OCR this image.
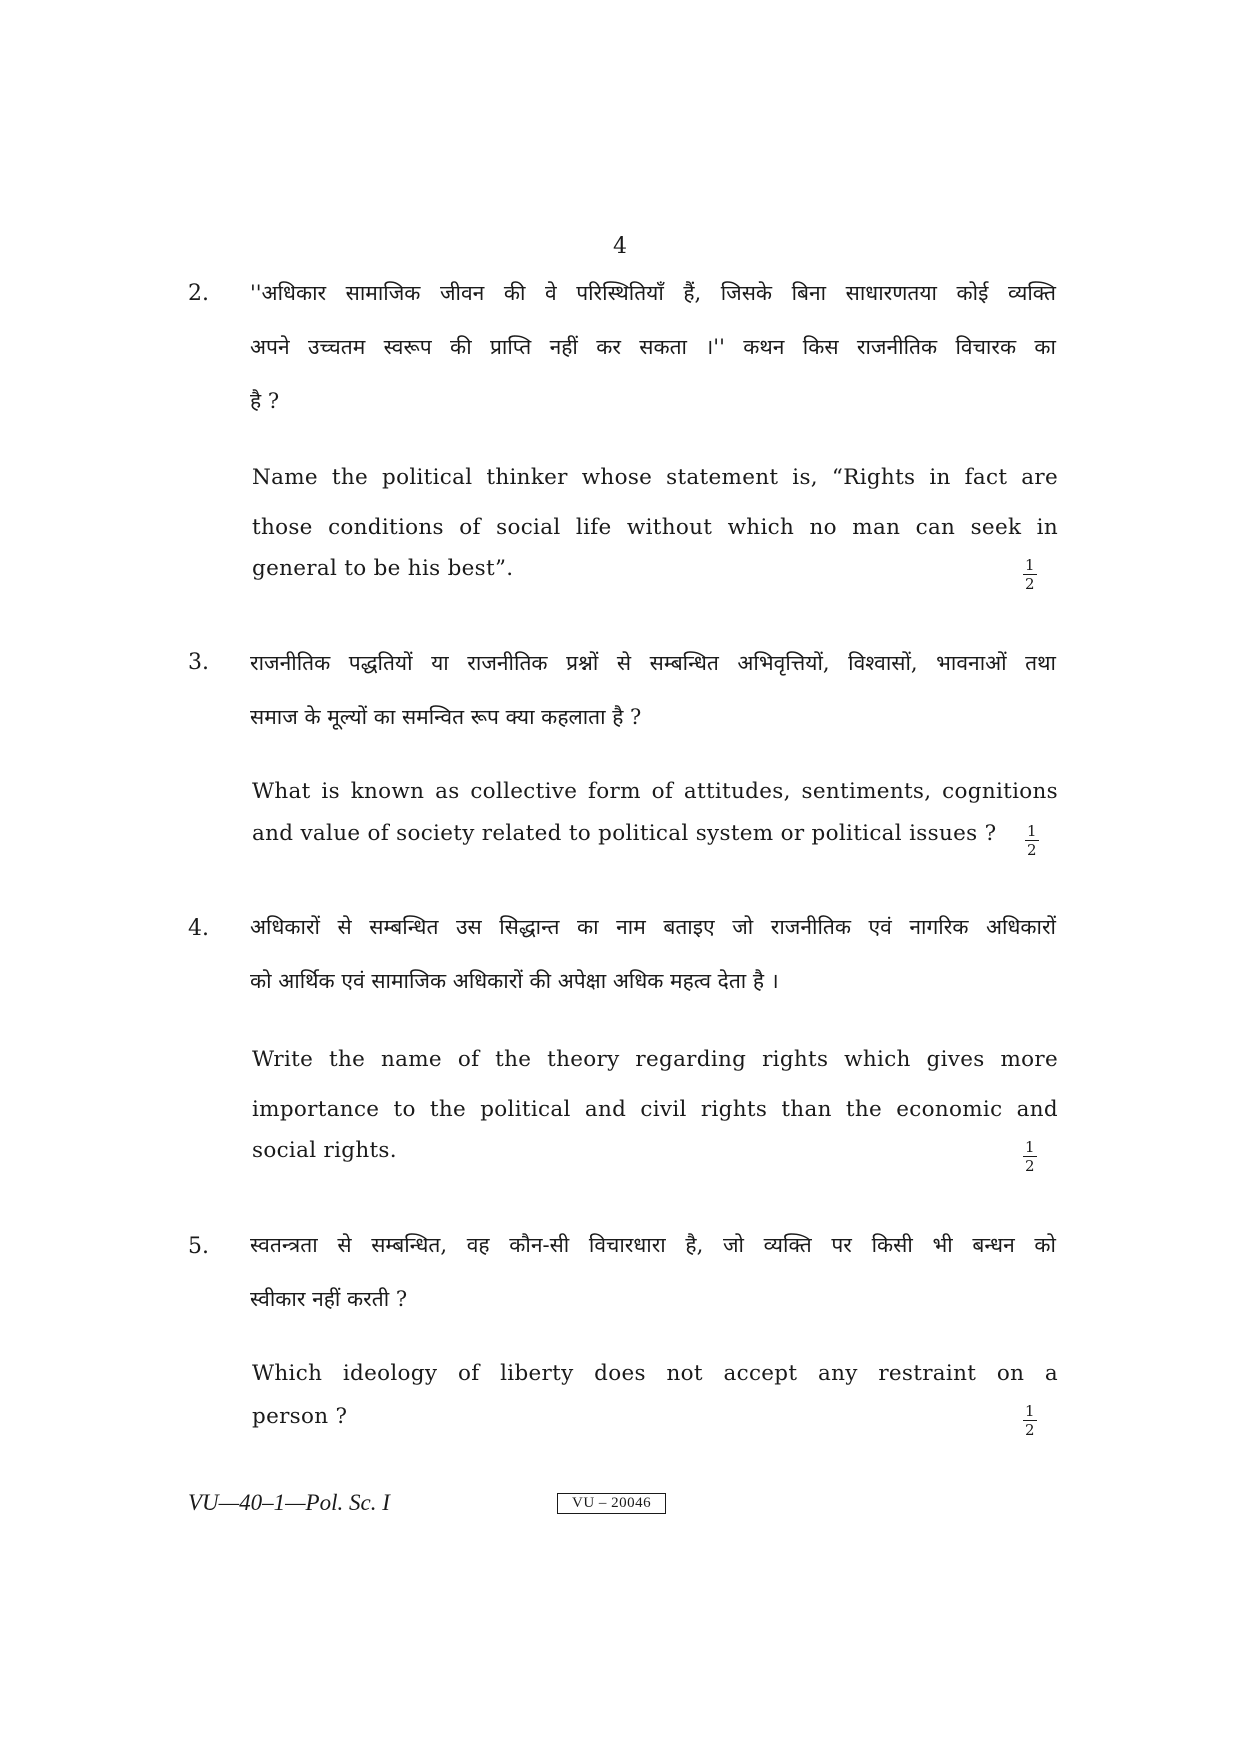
4
2. ''अधिकार सामाजिक जीवन की वे परिस्थितियाँ हैं, जिसके बिना साधारणतया कोई व्यक्ति
अपने उच्चतम स्वरूप की प्राप्ति नहीं कर सकता ।'' कथन किस राजनीतिक विचारक का
है ?
Name the political thinker whose statement is, “Rights in fact are
those conditions of social life without which no man can seek in
general to be his best”.	$\frac{1}{2}$
3. राजनीतिक पद्धतियों या राजनीतिक प्रश्नों से सम्बन्धित अभिवृत्तियों, विश्वासों, भावनाओं तथा
समाज के मूल्यों का समन्वित रूप क्या कहलाता है ?
What is known as collective form of attitudes, sentiments, cognitions
and value of society related to political system or political issues ?	$\frac{1}{2}$
4. अधिकारों से सम्बन्धित उस सिद्धान्त का नाम बताइए जो राजनीतिक एवं नागरिक अधिकारों
को आर्थिक एवं सामाजिक अधिकारों की अपेक्षा अधिक महत्व देता है ।
Write the name of the theory regarding rights which gives more
importance to the political and civil rights than the economic and
social rights.	$\frac{1}{2}$
5. स्वतन्त्रता से सम्बन्धित, वह कौन-सी विचारधारा है, जो व्यक्ति पर किसी भी बन्धन को
स्वीकार नहीं करती ?
Which ideology of liberty does not accept any restraint on a
person ?	$\frac{1}{2}$
VU—40–1—Pol. Sc. I	VU – 20046
